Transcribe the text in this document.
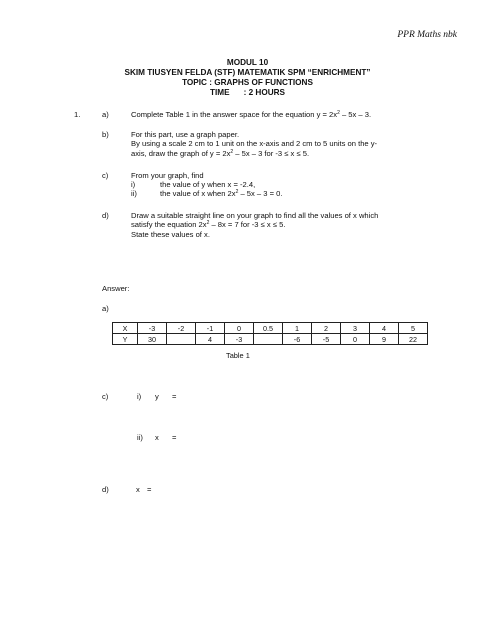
PPR Maths nbk
MODUL 10
SKIM TIUSYEN FELDA (STF) MATEMATIK SPM “ENRICHMENT”
TOPIC : GRAPHS OF FUNCTIONS
TIME : 2 HOURS
1.	a)	Complete Table 1 in the answer space for the equation $y = 2x^2 - 5x - 3$.
b)	For this part, use a graph paper.
By using a scale 2 cm to 1 unit on the x-axis and 2 cm to 5 units on the y-
axis, draw the graph of $y = 2x^2 - 5x - 3$ for -3 ≤ x ≤ 5.
c)	From your graph, find
i)	the value of y when x = -2.4,
ii)	the value of x when $2x^2 - 5x - 3 = 0$.
d)	Draw a suitable straight line on your graph to find all the values of x which
satisfy the equation $2x^2 - 8x = 7$ for -3 ≤ x ≤ 5.
State these values of x.
Answer:
a)
X	-3	-2	-1	0	0.5	1	2	3	4	5
Y	30		4	-3		-6	-5	0	9	22
Table 1
c)	i) y =
ii) x =
d)	x =
